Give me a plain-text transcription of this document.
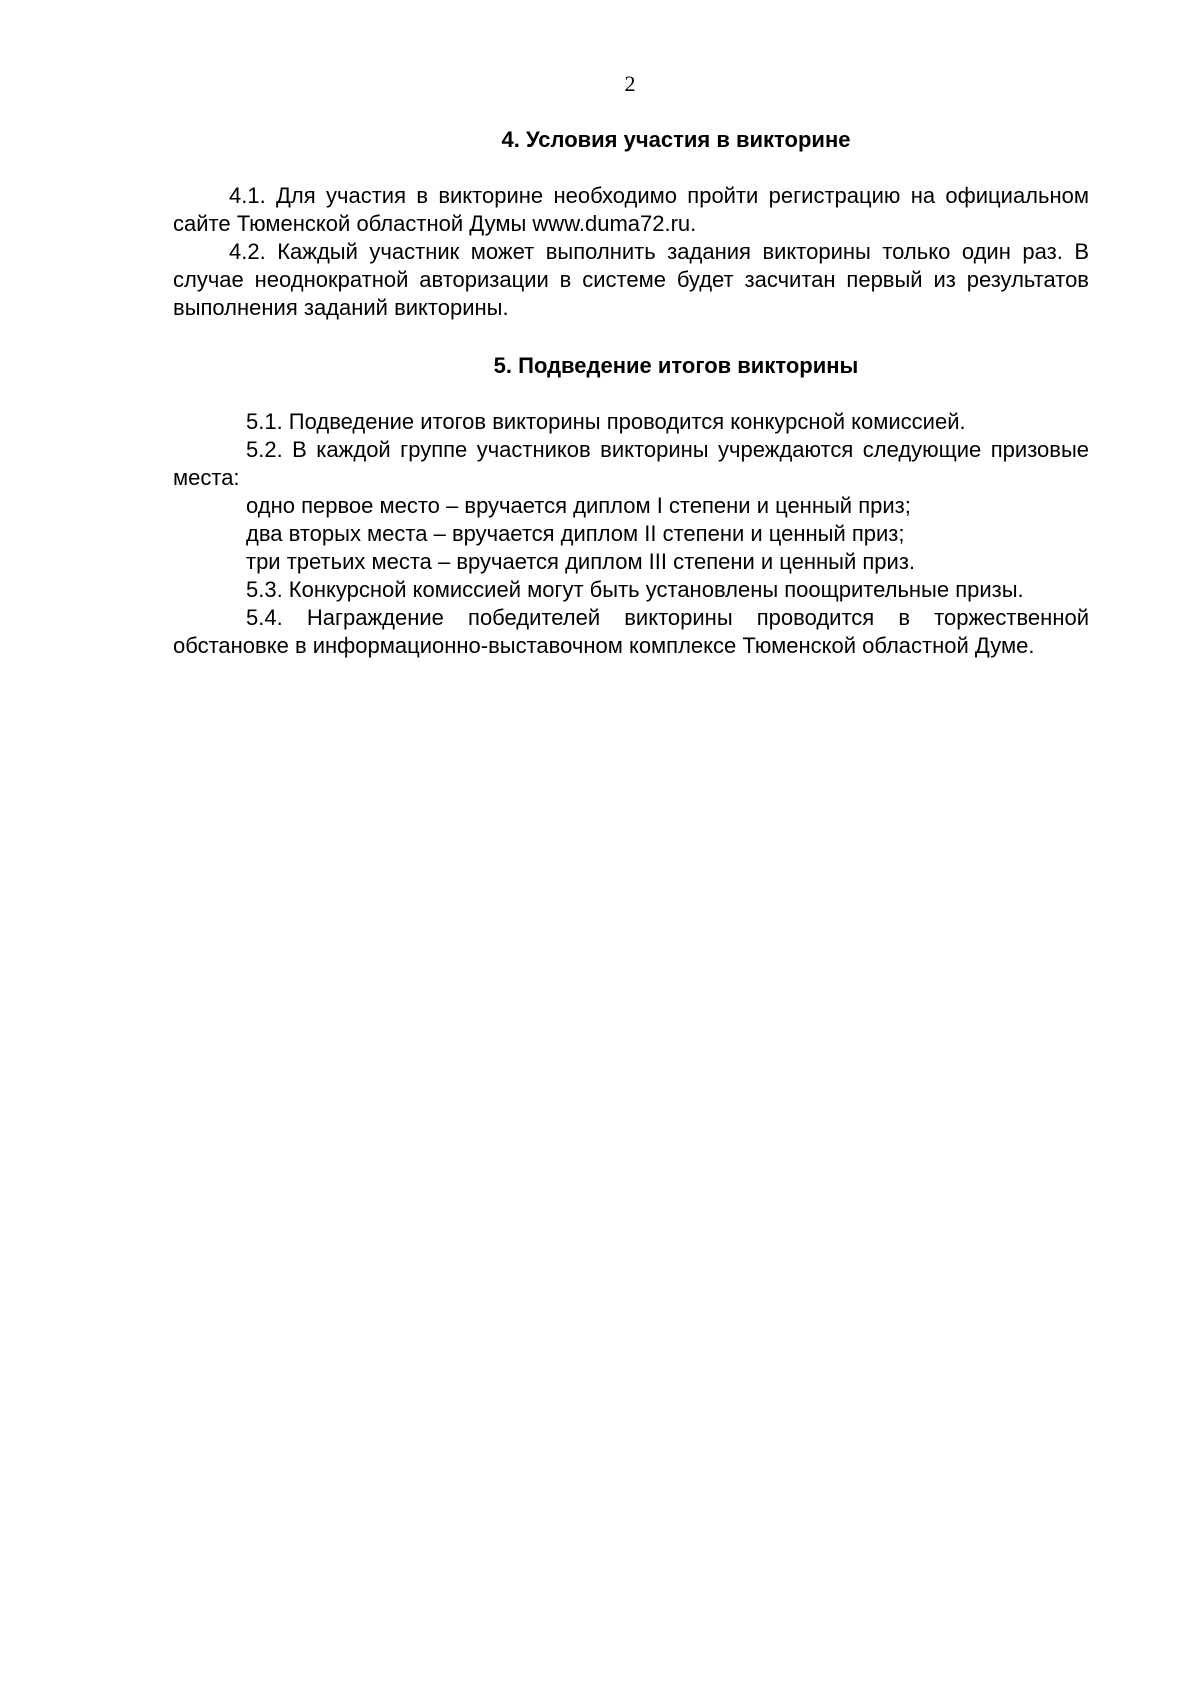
2

4. Условия участия в викторине

4.1. Для участия в викторине необходимо пройти регистрацию на официальном сайте Тюменской областной Думы www.duma72.ru.

4.2. Каждый участник может выполнить задания викторины только один раз. В случае неоднократной авторизации в системе будет засчитан первый из результатов выполнения заданий викторины.

5. Подведение итогов викторины

5.1. Подведение итогов викторины проводится конкурсной комиссией.

5.2. В каждой группе участников викторины учреждаются следующие призовые места:

одно первое место – вручается диплом I степени и ценный приз;

два вторых места – вручается диплом II степени и ценный приз;

три третьих места – вручается диплом III степени и ценный приз.

5.3. Конкурсной комиссией могут быть установлены поощрительные призы.

5.4. Награждение победителей викторины проводится в торжественной обстановке в информационно-выставочном комплексе Тюменской областной Думе.
